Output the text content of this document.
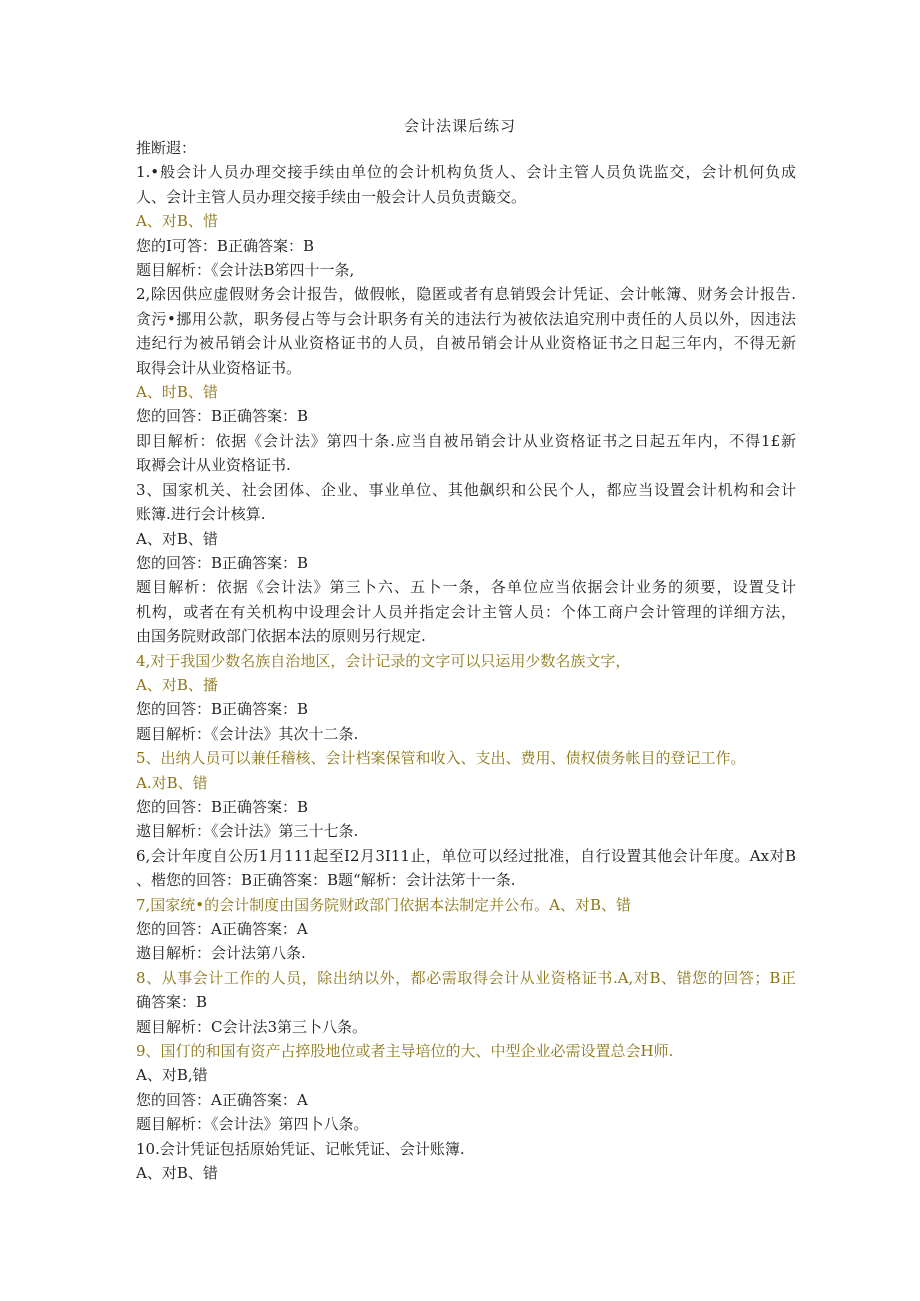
会计法课后练习
推断遐：
1.•般会计人员办理交接手续由单位的会计机构负货人、会计主管人员负诜监交，会计机何负成
人、会计主管人员办理交接手续由一般会计人员负责簸交。
A、对B、惜
您的I可答：B正确答案：B
题目解析：《会计法B笫四十一条,
2,除因供应虚假财务会计报告，做假帐，隐匿或者有息销毁会计凭证、会计帐簿、财务会计报告.
贪污•挪用公款，职务侵占等与会计职务有关的违法行为被依法追究刑中责任的人员以外，因违法
违纪行为被吊销会计从业资格证书的人员，自被吊销会计从业资格证书之日起三年内，不得无新
取得会计从业资格证书。
A、时B、错
您的回答：B正确答案：B
即目解析：依据《会计法》第四十条.应当自被吊销会计从业资格证书之日起五年内，不得1£新
取褥会计从业资格证书.
3、国家机关、社会团体、企业、事业单位、其他飙织和公民个人，都应当设置会计机构和会计
账簿.进行会计核算.
A、对B、错
您的回答：B正确答案：B
题目解析：依据《会计法》第三卜六、五卜一条，各单位应当依据会计业务的须要，设置殳计
机构，或者在有关机构中设理会计人员并指定会计主管人员：个体工商户会计管理的详细方法，
由国务院财政部门依据本法的原则另行规定.
4,对于我国少数名族自治地区，会计记录的文字可以只运用少数名族文字，
A、对B、播
您的回答：B正确答案：B
题目解析：《会计法》其次十二条.
5、出纳人员可以兼任稽核、会计档案保管和收入、支出、费用、债权债务帐目的登记工作。
A.对B、错
您的回答：B正确答案：B
遨目解析：《会计法》第三十七条.
6,会计年度自公历1月111起至I2月3I11止，单位可以经过批准，自行设置其他会计年度。Ax对B
、楷您的回答：B正确答案：B题“解析：会计法笫十一条.
7,国家统•的会计制度由国务院财政部门依据本法制定并公布。A、对B、错
您的回答：A正确答案：A
遨目解析：会计法第八条.
8、从事会计工作的人员，除出纳以外，都必需取得会计从业资格证书.A,对B、错您的回答；B正
确答案：B
题目解析：C会计法3第三卜八条。
9、国仃的和国有资产占捽股地位或者主导培位的大、中型企业必需设置总会H师.
A、对B,错
您的回答：A正确答案：A
题目解析：《会计法》第四卜八条。
10.会计凭证包括原始凭证、记帐凭证、会计账簿.
A、对B、错
